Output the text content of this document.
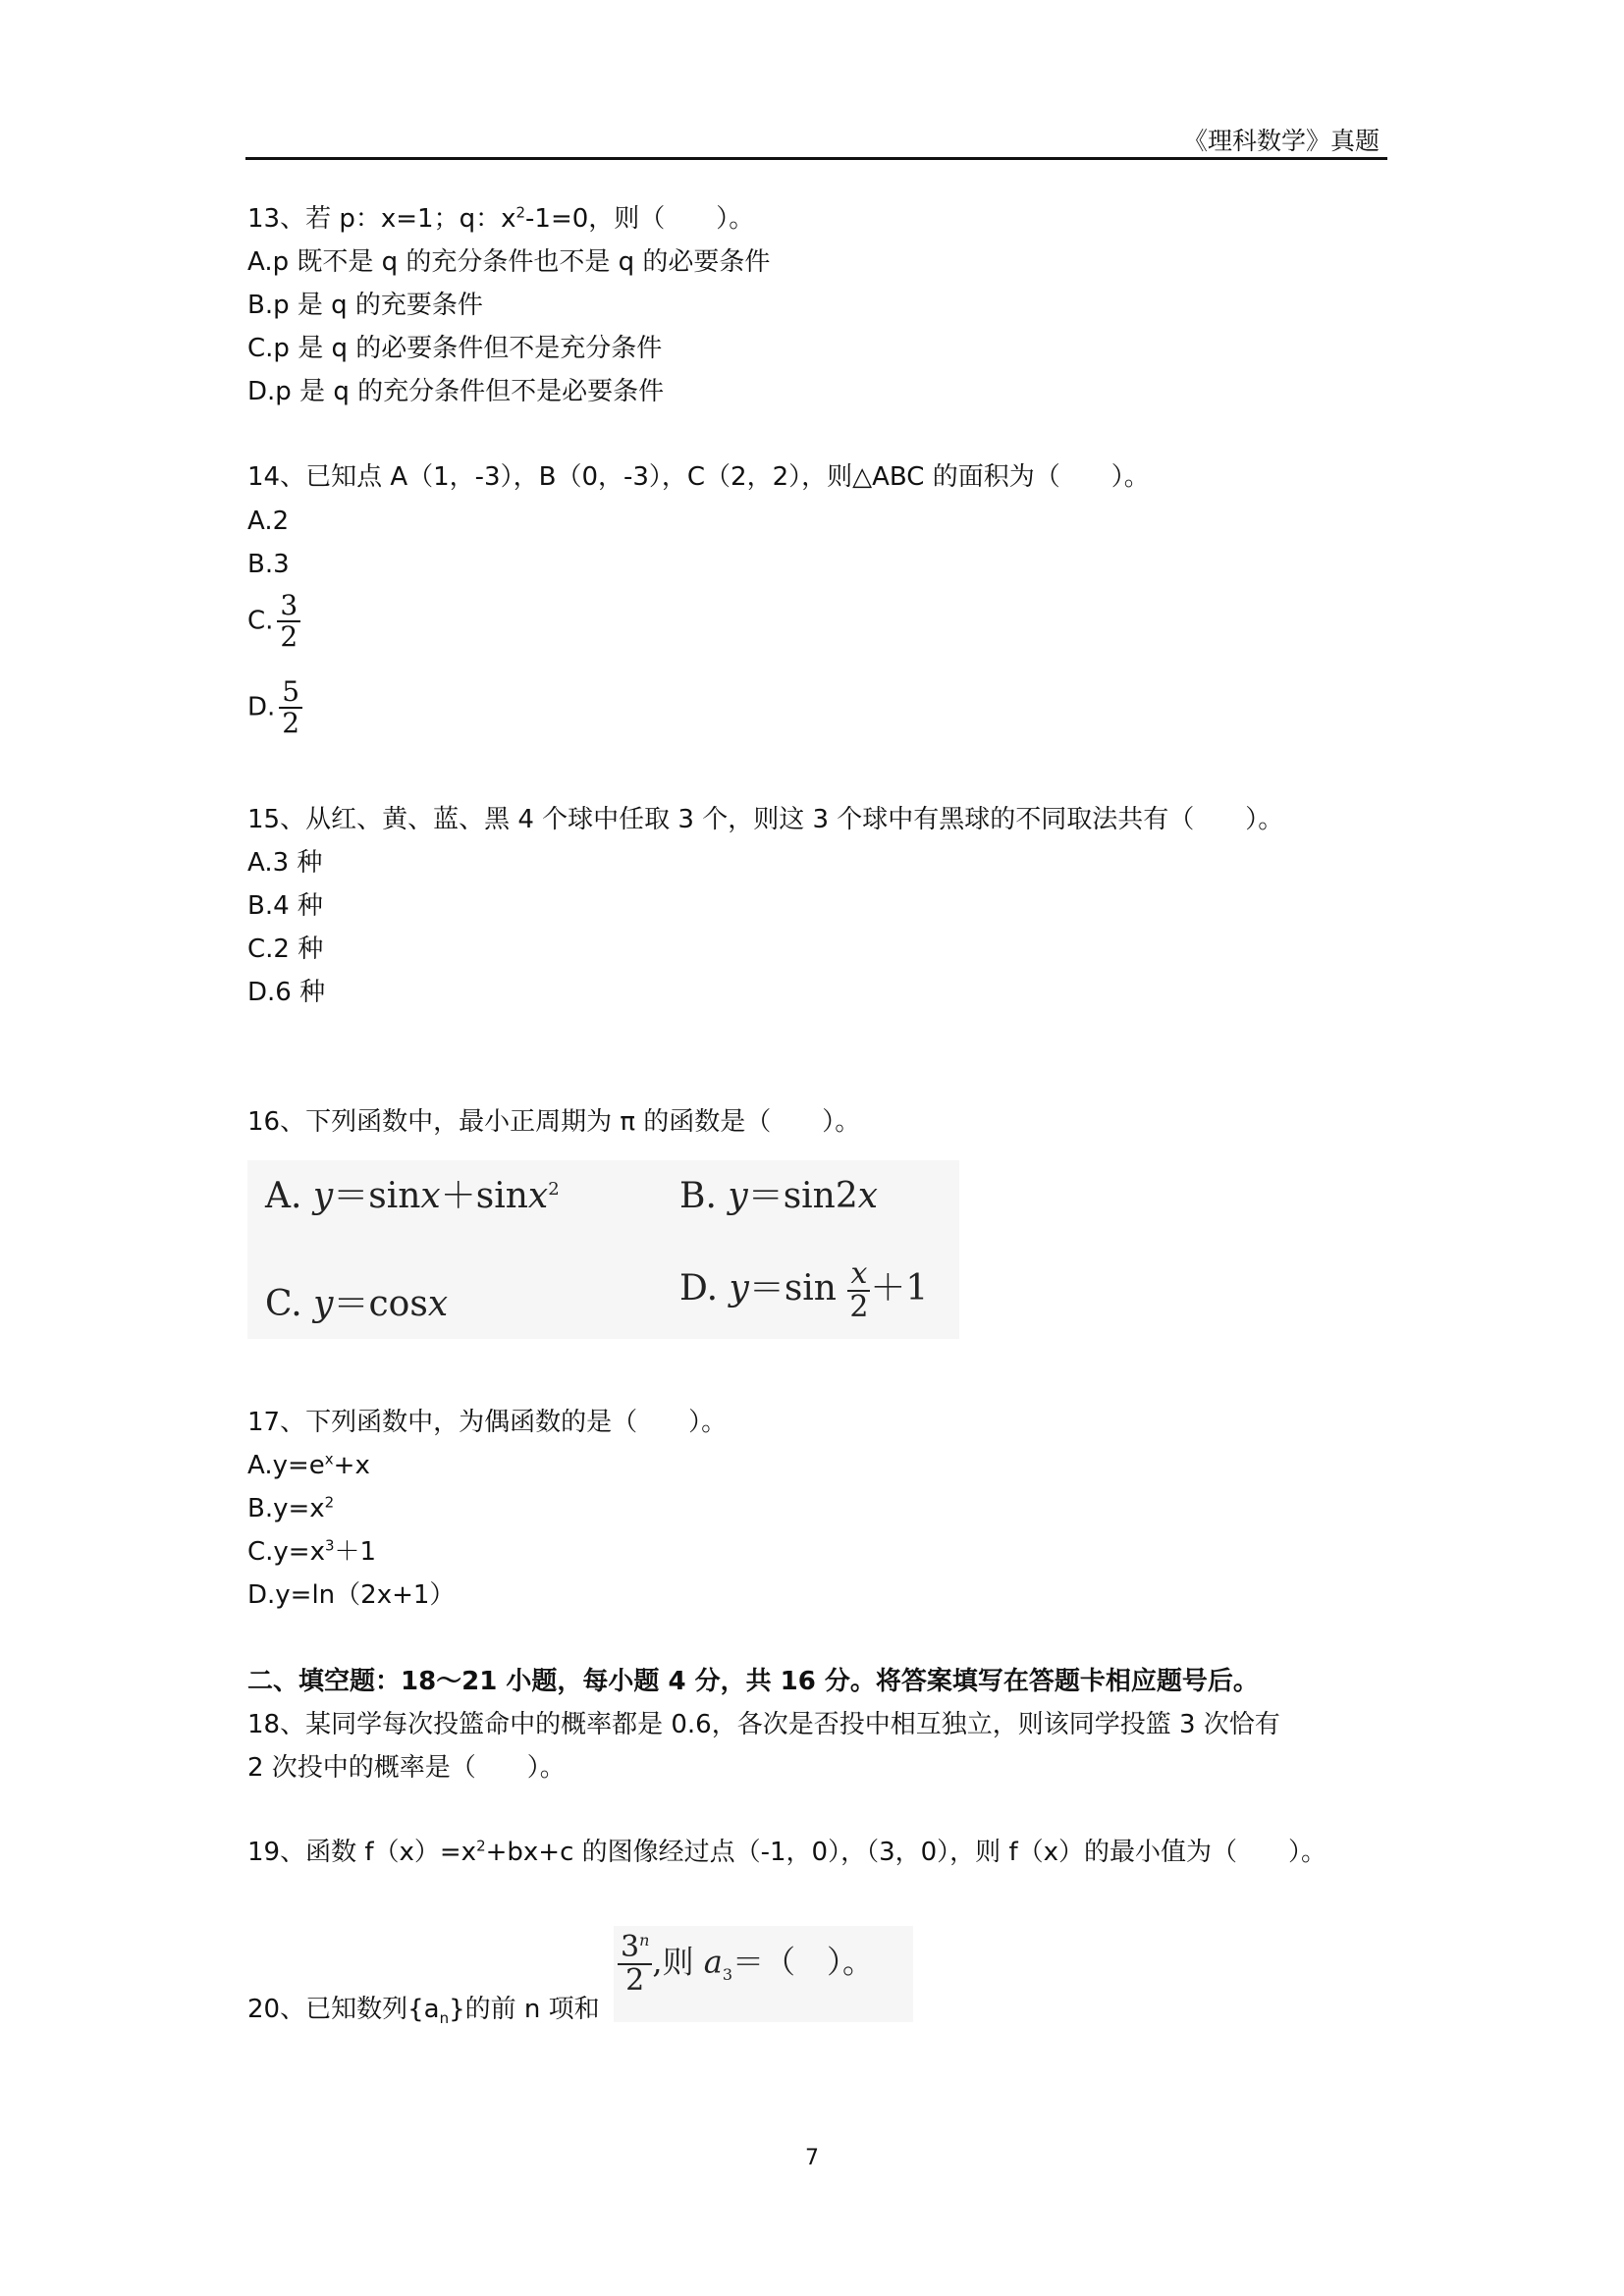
《理科数学》真题
13、若 p：x=1；q：$x^2-1=0$，则（　　）。
A.p 既不是 q 的充分条件也不是 q 的必要条件
B.p 是 q 的充要条件
C.p 是 q 的必要条件但不是充分条件
D.p 是 q 的充分条件但不是必要条件
14、已知点 A（1，-3），B（0，-3），C（2，2），则△ABC 的面积为（　　）。
A.2
B.3
C. $\frac{3}{2}$
D. $\frac{5}{2}$
15、从红、黄、蓝、黑 4 个球中任取 3 个，则这 3 个球中有黑球的不同取法共有（　　）。
A.3 种
B.4 种
C.2 种
D.6 种
16、下列函数中，最小正周期为 π 的函数是（　　）。
A. y＝sinx＋sinx$^2$	B. y＝sin2x
C. y＝cosx	D. $y=\sin \frac{x}{2} +1$
17、下列函数中，为偶函数的是（　　）。
$A.y=e^x+x$
$B.y=x^2$
$C.y=x^3+1$
D.y=ln（2x+1）
二、填空题：18～21 小题，每小题 4 分，共 16 分。将答案填写在答题卡相应题号后。
18、某同学每次投篮命中的概率都是 0.6，各次是否投中相互独立，则该同学投篮 3 次恰有
2 次投中的概率是（　　）。
19、函数 $f(x)=x^2+bx+c$ 的图像经过点（-1，0），（3，0），则 f（x）的最小值为（　　）。
20、已知数列$\{a_n\}$的前 n 项和
$\frac{3^n}{2}$ ,则 $a_3=$（　）。
7
